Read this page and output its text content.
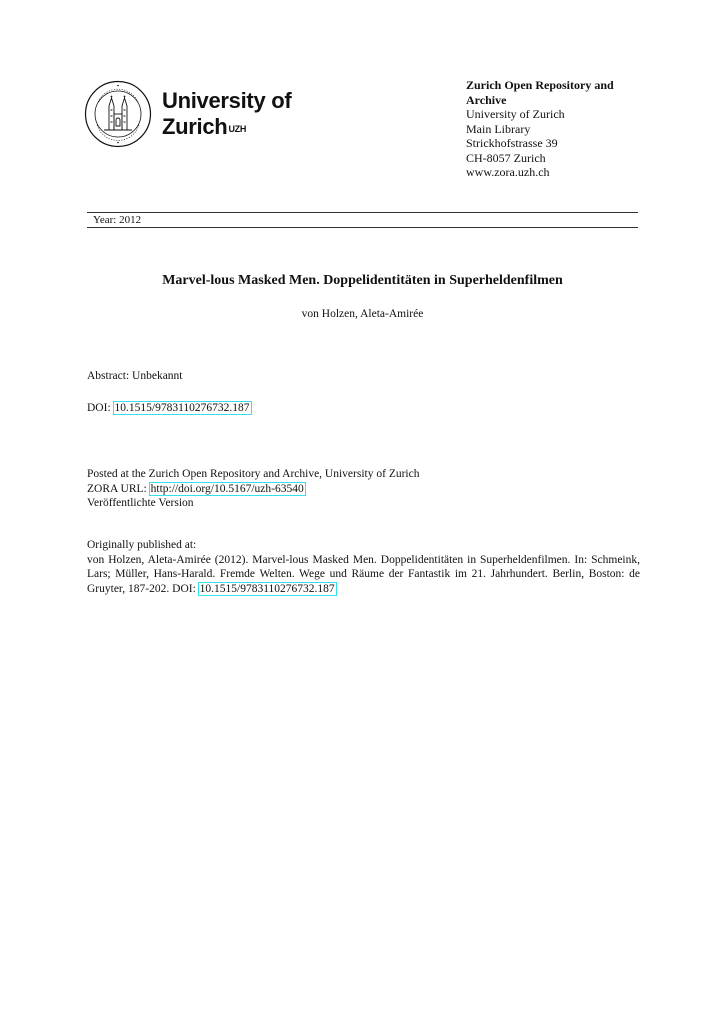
University of
Zurich$^{UZH}$
Zurich Open Repository and
Archive
University of Zurich
Main Library
Strickhofstrasse 39
CH-8057 Zurich
www.zora.uzh.ch
Year: 2012
Marvel-lous Masked Men. Doppelidentitäten in Superheldenfilmen
von Holzen, Aleta-Amirée
Abstract: Unbekannt
DOI: 10.1515/9783110276732.187
Posted at the Zurich Open Repository and Archive, University of Zurich
ZORA URL: http://doi.org/10.5167/uzh-63540
Veröffentlichte Version
Originally published at:
von Holzen, Aleta-Amirée (2012). Marvel-lous Masked Men. Doppelidentitäten in Superheldenfilmen. In: Schmeink, Lars; Müller, Hans-Harald. Fremde Welten. Wege und Räume der Fantastik im 21. Jahrhundert. Berlin, Boston: de Gruyter, 187-202. DOI: 10.1515/9783110276732.187
